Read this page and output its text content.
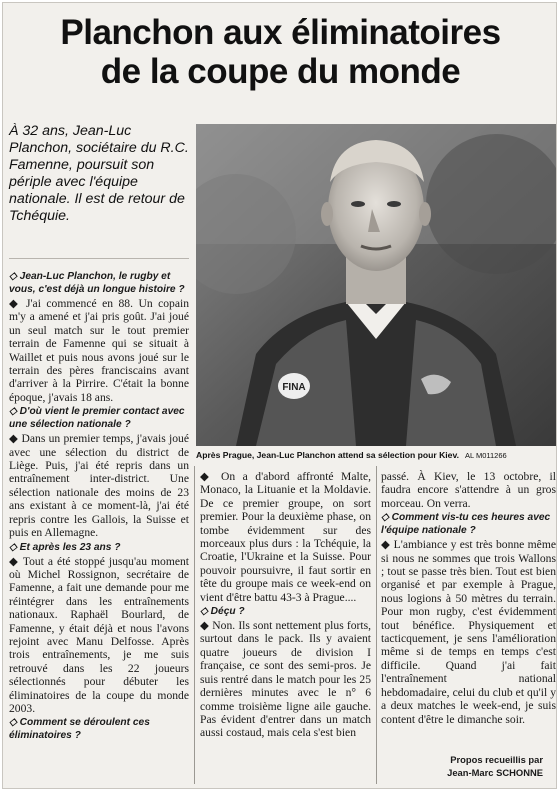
Planchon aux éliminatoires
de la coupe du monde
À 32 ans, Jean-Luc Planchon, sociétaire du R.C. Famenne, poursuit son périple avec l'équipe nationale. Il est de retour de Tchéquie.
FINA
Après Prague, Jean-Luc Planchon attend sa sélection pour Kiev. AL M011266

◇ Jean-Luc Planchon, le rugby et vous, c'est déjà un longue histoire ?

◆ J'ai commencé en 88. Un copain m'y a amené et j'ai pris goût. J'ai joué un seul match sur le tout premier terrain de Famenne qui se situait à Waillet et puis nous avons joué sur le terrain des pères franciscains avant d'arriver à la Pirrire. C'était la bonne époque, j'avais 18 ans.

◇ D'où vient le premier contact avec une sélection nationale ?

◆ Dans un premier temps, j'avais joué avec une sélection du district de Liège. Puis, j'ai été repris dans un entraînement inter-district. Une sélection nationale des moins de 23 ans existant à ce moment-là, j'ai été repris contre les Gallois, la Suisse et puis en Allemagne.

◇ Et après les 23 ans ?

◆ Tout a été stoppé jusqu'au moment où Michel Rossignon, secrétaire de Famenne, a fait une demande pour me réintégrer dans les entraînements nationaux. Raphaël Bourlard, de Famenne, y était déjà et nous l'avons rejoint avec Manu Delfosse. Après trois entraînements, je me suis retrouvé dans les 22 joueurs sélectionnés pour débuter les éliminatoires de la coupe du monde 2003.

◇ Comment se déroulent ces éliminatoires ?

◆ On a d'abord affronté Malte, Monaco, la Lituanie et la Moldavie. De ce premier groupe, on sort premier. Pour la deuxième phase, on tombe évidemment sur des morceaux plus durs : la Tchéquie, la Croatie, l'Ukraine et la Suisse. Pour pouvoir poursuivre, il faut sortir en tête du groupe mais ce week-end on vient d'être battu 43-3 à Prague....

◇ Déçu ?

◆ Non. Ils sont nettement plus forts, surtout dans le pack. Ils y avaient quatre joueurs de division I française, ce sont des semi-pros. Je suis rentré dans le match pour les 25 dernières minutes avec le n° 6 comme troisième ligne aile gauche. Pas évident d'entrer dans un match aussi costaud, mais cela s'est bien

passé. À Kiev, le 13 octobre, il faudra encore s'attendre à un gros morceau. On verra.

◇ Comment vis-tu ces heures avec l'équipe nationale ?

◆ L'ambiance y est très bonne même si nous ne sommes que trois Wallons ; tout se passe très bien. Tout est bien organisé et par exemple à Prague, nous logions à 50 mètres du terrain. Pour mon rugby, c'est évidemment tout bénéfice. Physiquement et tacticquement, je sens l'amélioration même si de temps en temps c'est difficile. Quand j'ai fait l'entraînement national hebdomadaire, celui du club et qu'il y a deux matches le week-end, je suis content d'être le dimanche soir.

Propos recueillis par
Jean-Marc SCHONNE
